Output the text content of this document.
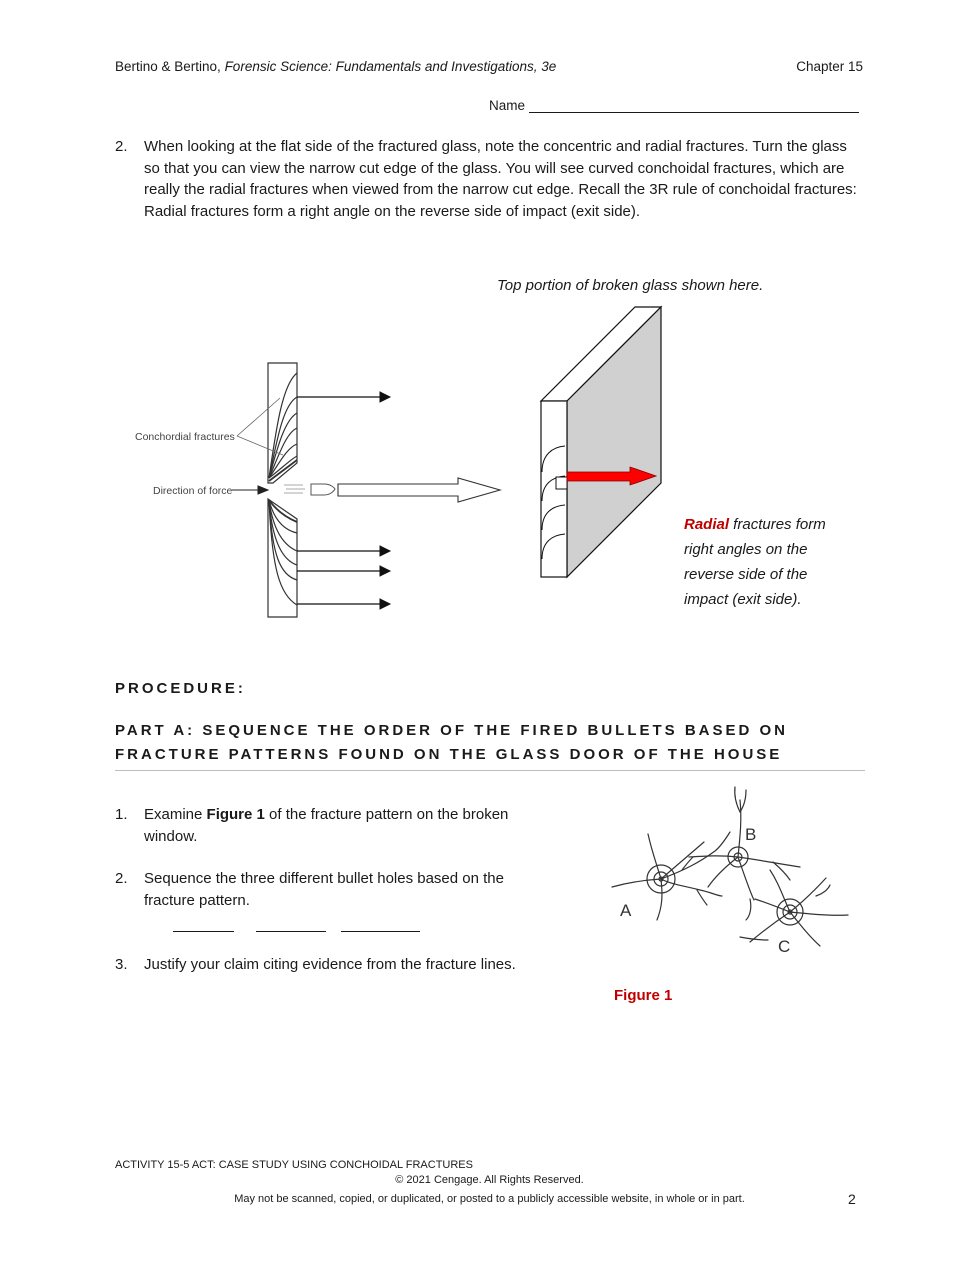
Bertino & Bertino, Forensic Science: Fundamentals and Investigations, 3e	Chapter 15
Name
2. When looking at the flat side of the fractured glass, note the concentric and radial fractures. Turn the glass so that you can view the narrow cut edge of the glass. You will see curved conchoidal fractures, which are really the radial fractures when viewed from the narrow cut edge. Recall the 3R rule of conchoidal fractures: Radial fractures form a right angle on the reverse side of impact (exit side).
Top portion of broken glass shown here.
Conchordial fractures
Direction of force
Radial fractures form
right angles on the
reverse side of the
impact (exit side).
PROCEDURE:
PART A: SEQUENCE THE ORDER OF THE FIRED BULLETS BASED ON
FRACTURE PATTERNS FOUND ON THE GLASS DOOR OF THE HOUSE
1. Examine Figure 1 of the fracture pattern on the broken
window.
2. Sequence the three different bullet holes based on the
fracture pattern.

3. Justify your claim citing evidence from the fracture lines.
A
B
C
Figure 1
ACTIVITY 15-5 ACT: CASE STUDY USING CONCHOIDAL FRACTURES
© 2021 Cengage. All Rights Reserved.
May not be scanned, copied, or duplicated, or posted to a publicly accessible website, in whole or in part.	2
